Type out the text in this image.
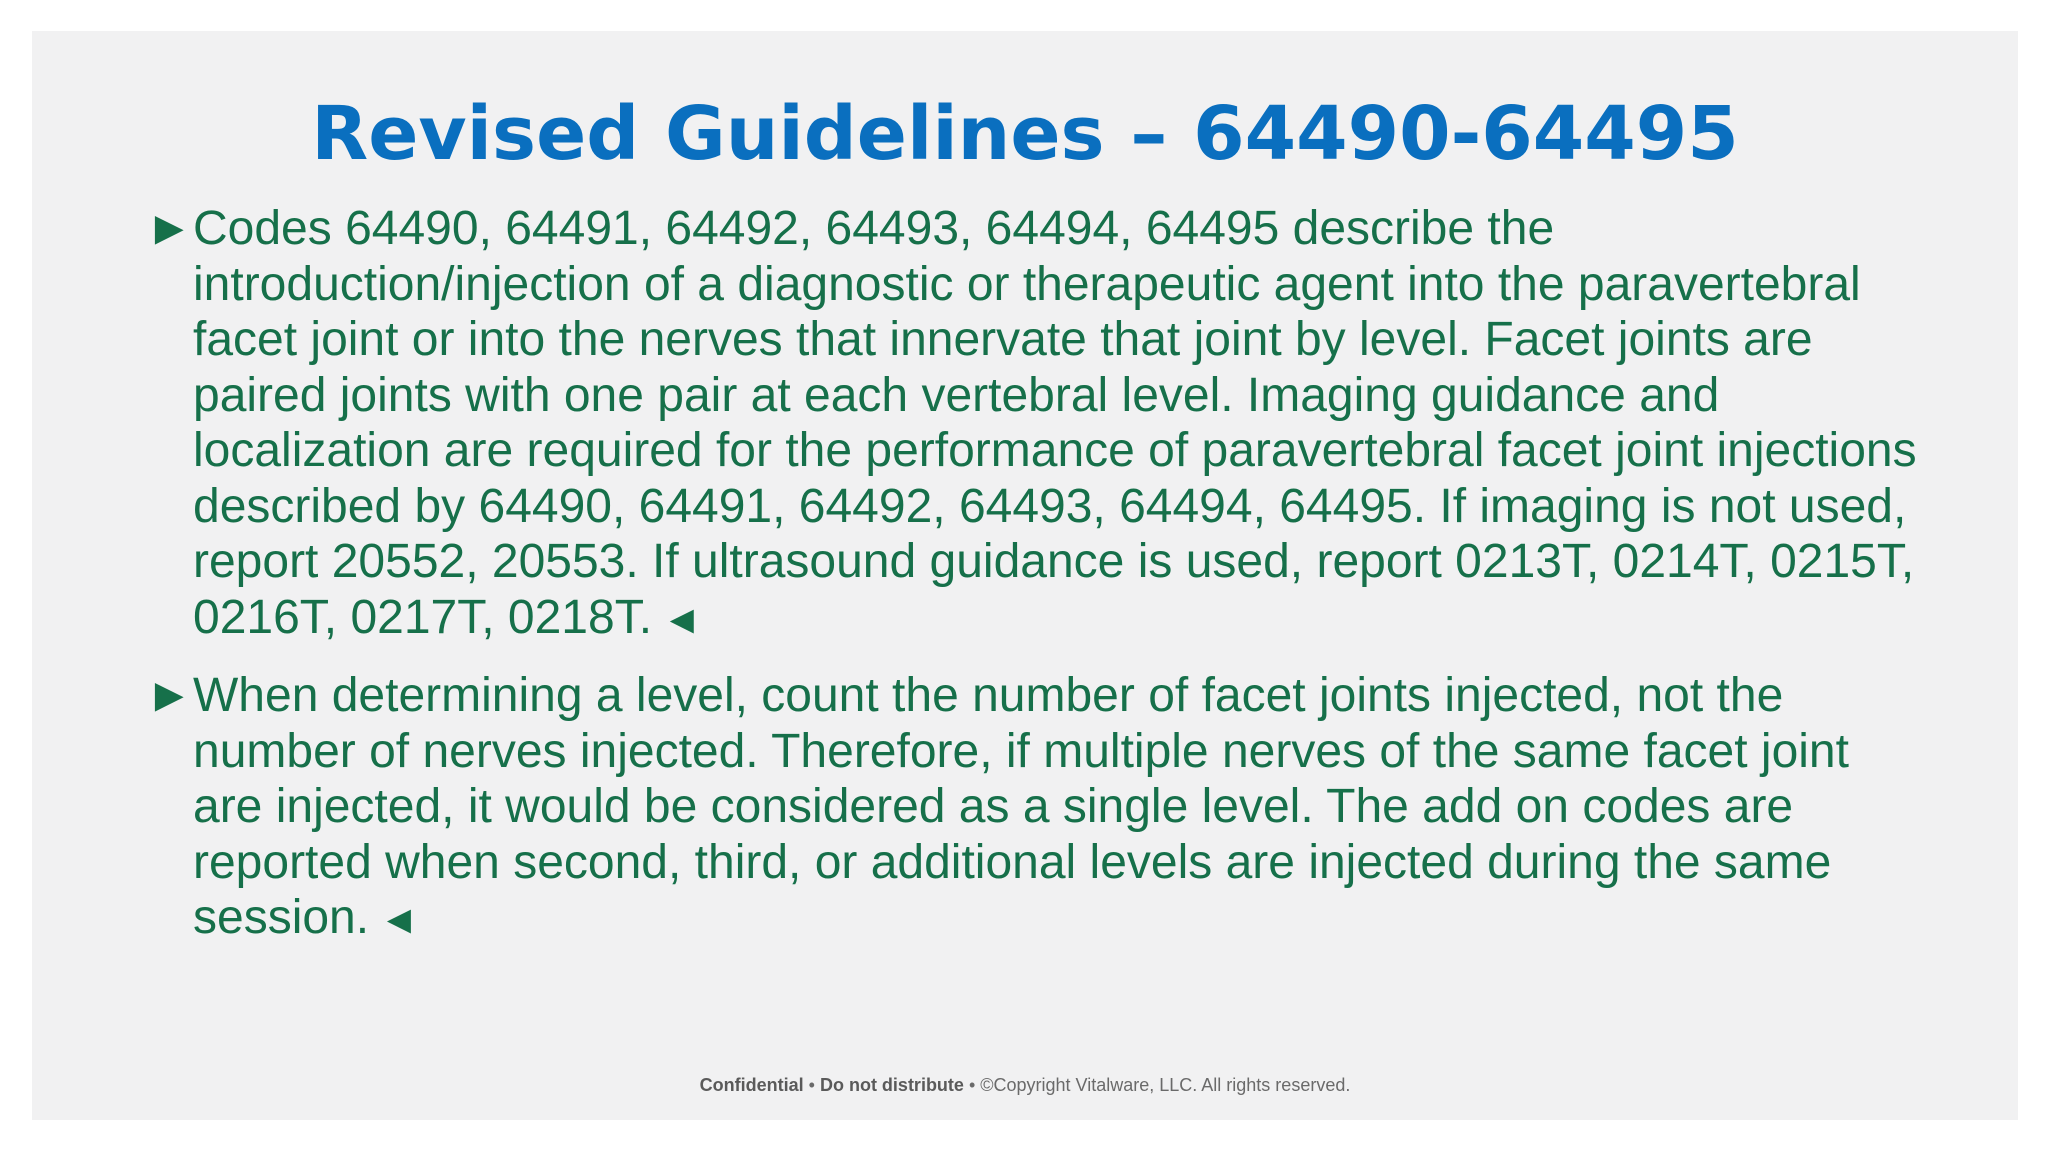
Revised Guidelines – 64490-64495
► Codes 64490, 64491, 64492, 64493, 64494, 64495 describe the introduction/injection of a diagnostic or therapeutic agent into the paravertebral facet joint or into the nerves that innervate that joint by level. Facet joints are paired joints with one pair at each vertebral level. Imaging guidance and localization are required for the performance of paravertebral facet joint injections described by 64490, 64491, 64492, 64493, 64494, 64495. If imaging is not used, report 20552, 20553. If ultrasound guidance is used, report 0213T, 0214T, 0215T, 0216T, 0217T, 0218T. ◄
► When determining a level, count the number of facet joints injected, not the number of nerves injected. Therefore, if multiple nerves of the same facet joint are injected, it would be considered as a single level. The add on codes are reported when second, third, or additional levels are injected during the same session. ◄
Confidential • Do not distribute • ©Copyright Vitalware, LLC. All rights reserved.
